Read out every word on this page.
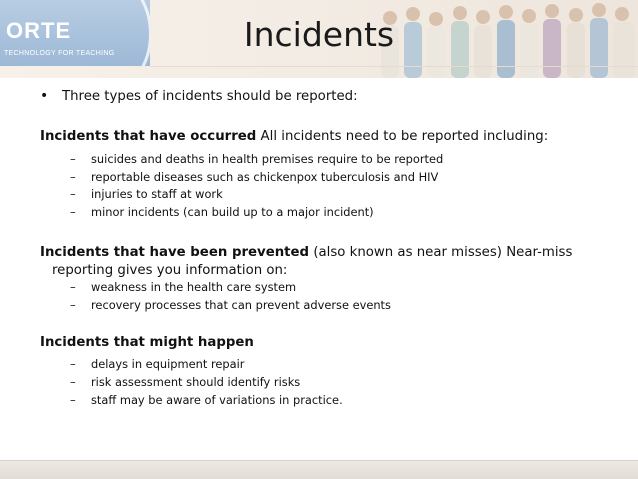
ORTE
TECHNOLOGY FOR TEACHING	Incidents
• Three types of incidents should be reported:
Incidents that have occurred All incidents need to be reported including:
– suicides and deaths in health premises require to be reported
– reportable diseases such as chickenpox tuberculosis and HIV
– injuries to staff at work
– minor incidents (can build up to a major incident)
Incidents that have been prevented (also known as near misses) Near-miss
reporting gives you information on:
– weakness in the health care system
– recovery processes that can prevent adverse events
Incidents that might happen
– delays in equipment repair
– risk assessment should identify risks
– staff may be aware of variations in practice.
